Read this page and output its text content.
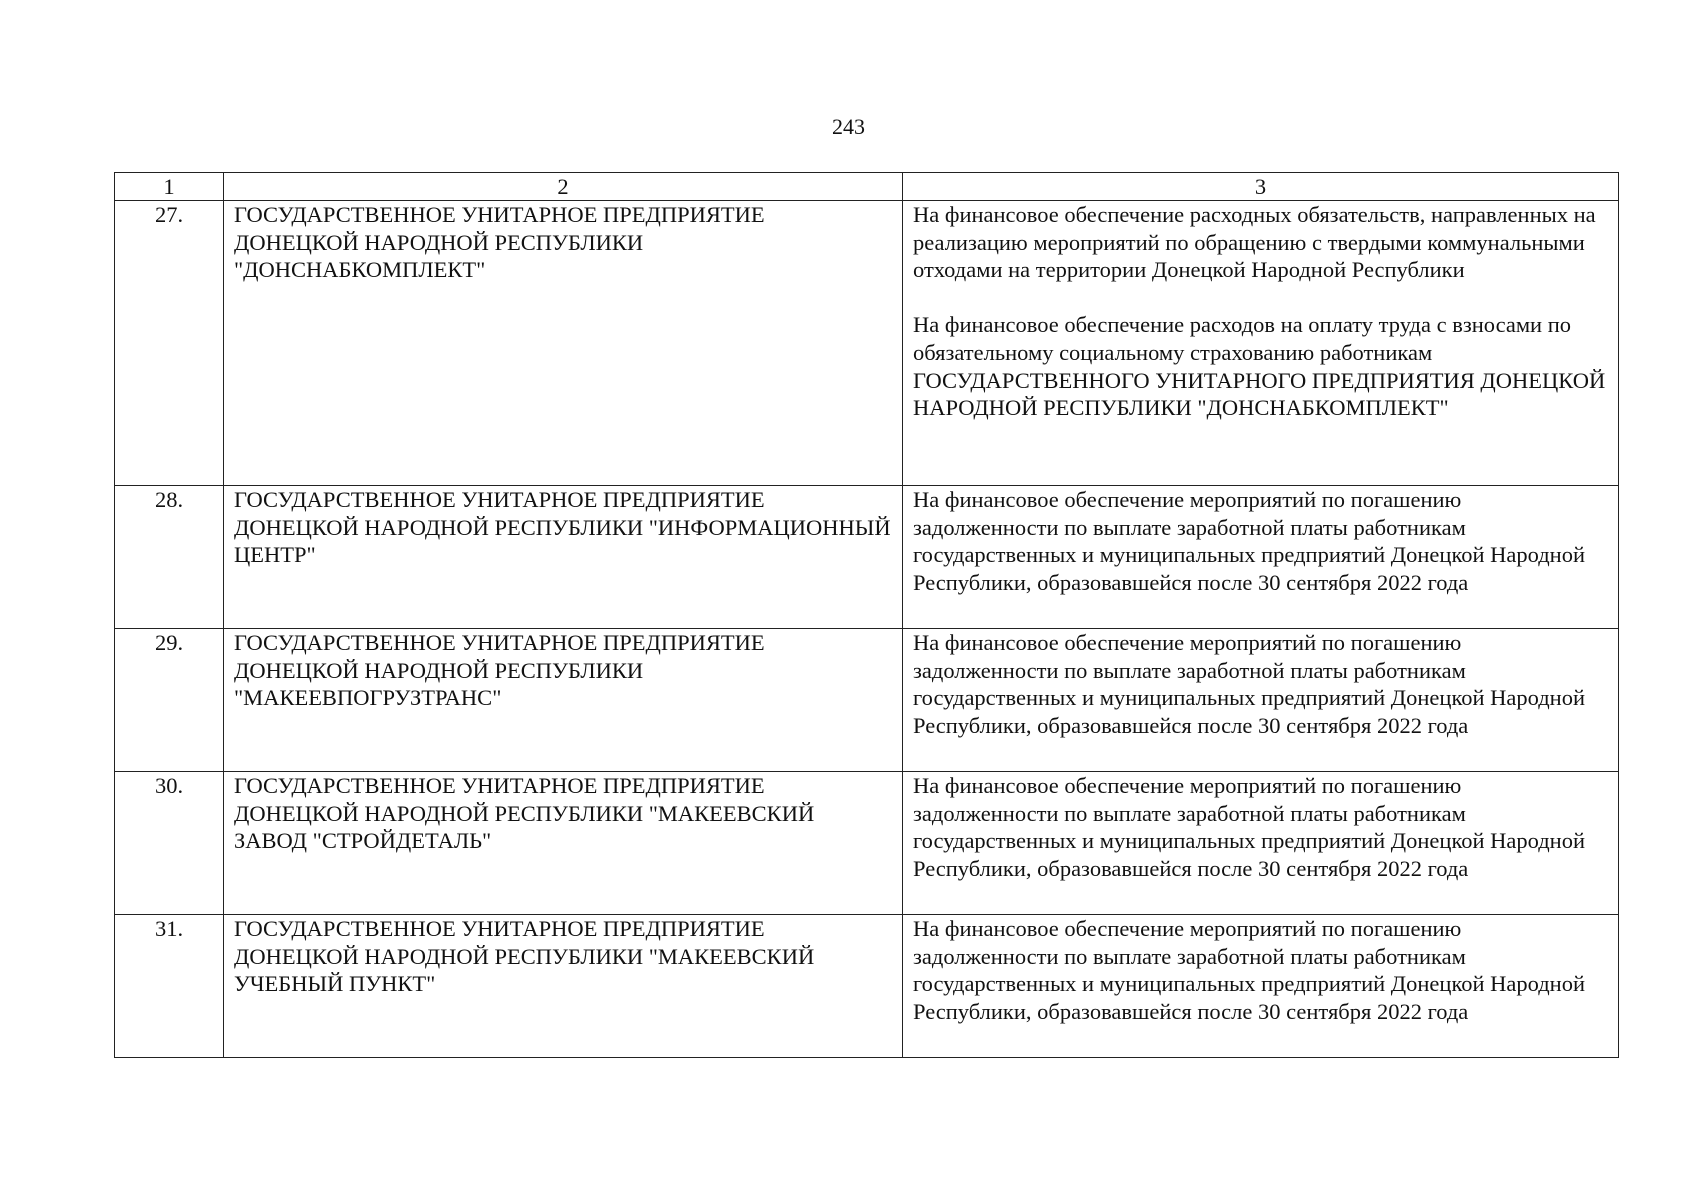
243
1	2	3
27.	ГОСУДАРСТВЕННОЕ УНИТАРНОЕ ПРЕДПРИЯТИЕ ДОНЕЦКОЙ НАРОДНОЙ РЕСПУБЛИКИ "ДОНСНАБКОМПЛЕКТ"	На финансовое обеспечение расходных обязательств, направленных на реализацию мероприятий по обращению с твердыми коммунальными отходами на территории Донецкой Народной Республики
На финансовое обеспечение расходов на оплату труда с взносами по обязательному социальному страхованию работникам ГОСУДАРСТВЕННОГО УНИТАРНОГО ПРЕДПРИЯТИЯ ДОНЕЦКОЙ НАРОДНОЙ РЕСПУБЛИКИ "ДОНСНАБКОМПЛЕКТ"

28.	ГОСУДАРСТВЕННОЕ УНИТАРНОЕ ПРЕДПРИЯТИЕ ДОНЕЦКОЙ НАРОДНОЙ РЕСПУБЛИКИ "ИНФОРМАЦИОННЫЙ ЦЕНТР"	На финансовое обеспечение мероприятий по погашению задолженности по выплате заработной платы работникам государственных и муниципальных предприятий Донецкой Народной Республики, образовавшейся после 30 сентября 2022 года

29.	ГОСУДАРСТВЕННОЕ УНИТАРНОЕ ПРЕДПРИЯТИЕ ДОНЕЦКОЙ НАРОДНОЙ РЕСПУБЛИКИ "МАКЕЕВПОГРУЗТРАНС"	На финансовое обеспечение мероприятий по погашению задолженности по выплате заработной платы работникам государственных и муниципальных предприятий Донецкой Народной Республики, образовавшейся после 30 сентября 2022 года

30.	ГОСУДАРСТВЕННОЕ УНИТАРНОЕ ПРЕДПРИЯТИЕ ДОНЕЦКОЙ НАРОДНОЙ РЕСПУБЛИКИ "МАКЕЕВСКИЙ ЗАВОД "СТРОЙДЕТАЛЬ"	На финансовое обеспечение мероприятий по погашению задолженности по выплате заработной платы работникам государственных и муниципальных предприятий Донецкой Народной Республики, образовавшейся после 30 сентября 2022 года

31.	ГОСУДАРСТВЕННОЕ УНИТАРНОЕ ПРЕДПРИЯТИЕ ДОНЕЦКОЙ НАРОДНОЙ РЕСПУБЛИКИ "МАКЕЕВСКИЙ УЧЕБНЫЙ ПУНКТ"	На финансовое обеспечение мероприятий по погашению задолженности по выплате заработной платы работникам государственных и муниципальных предприятий Донецкой Народной Республики, образовавшейся после 30 сентября 2022 года
